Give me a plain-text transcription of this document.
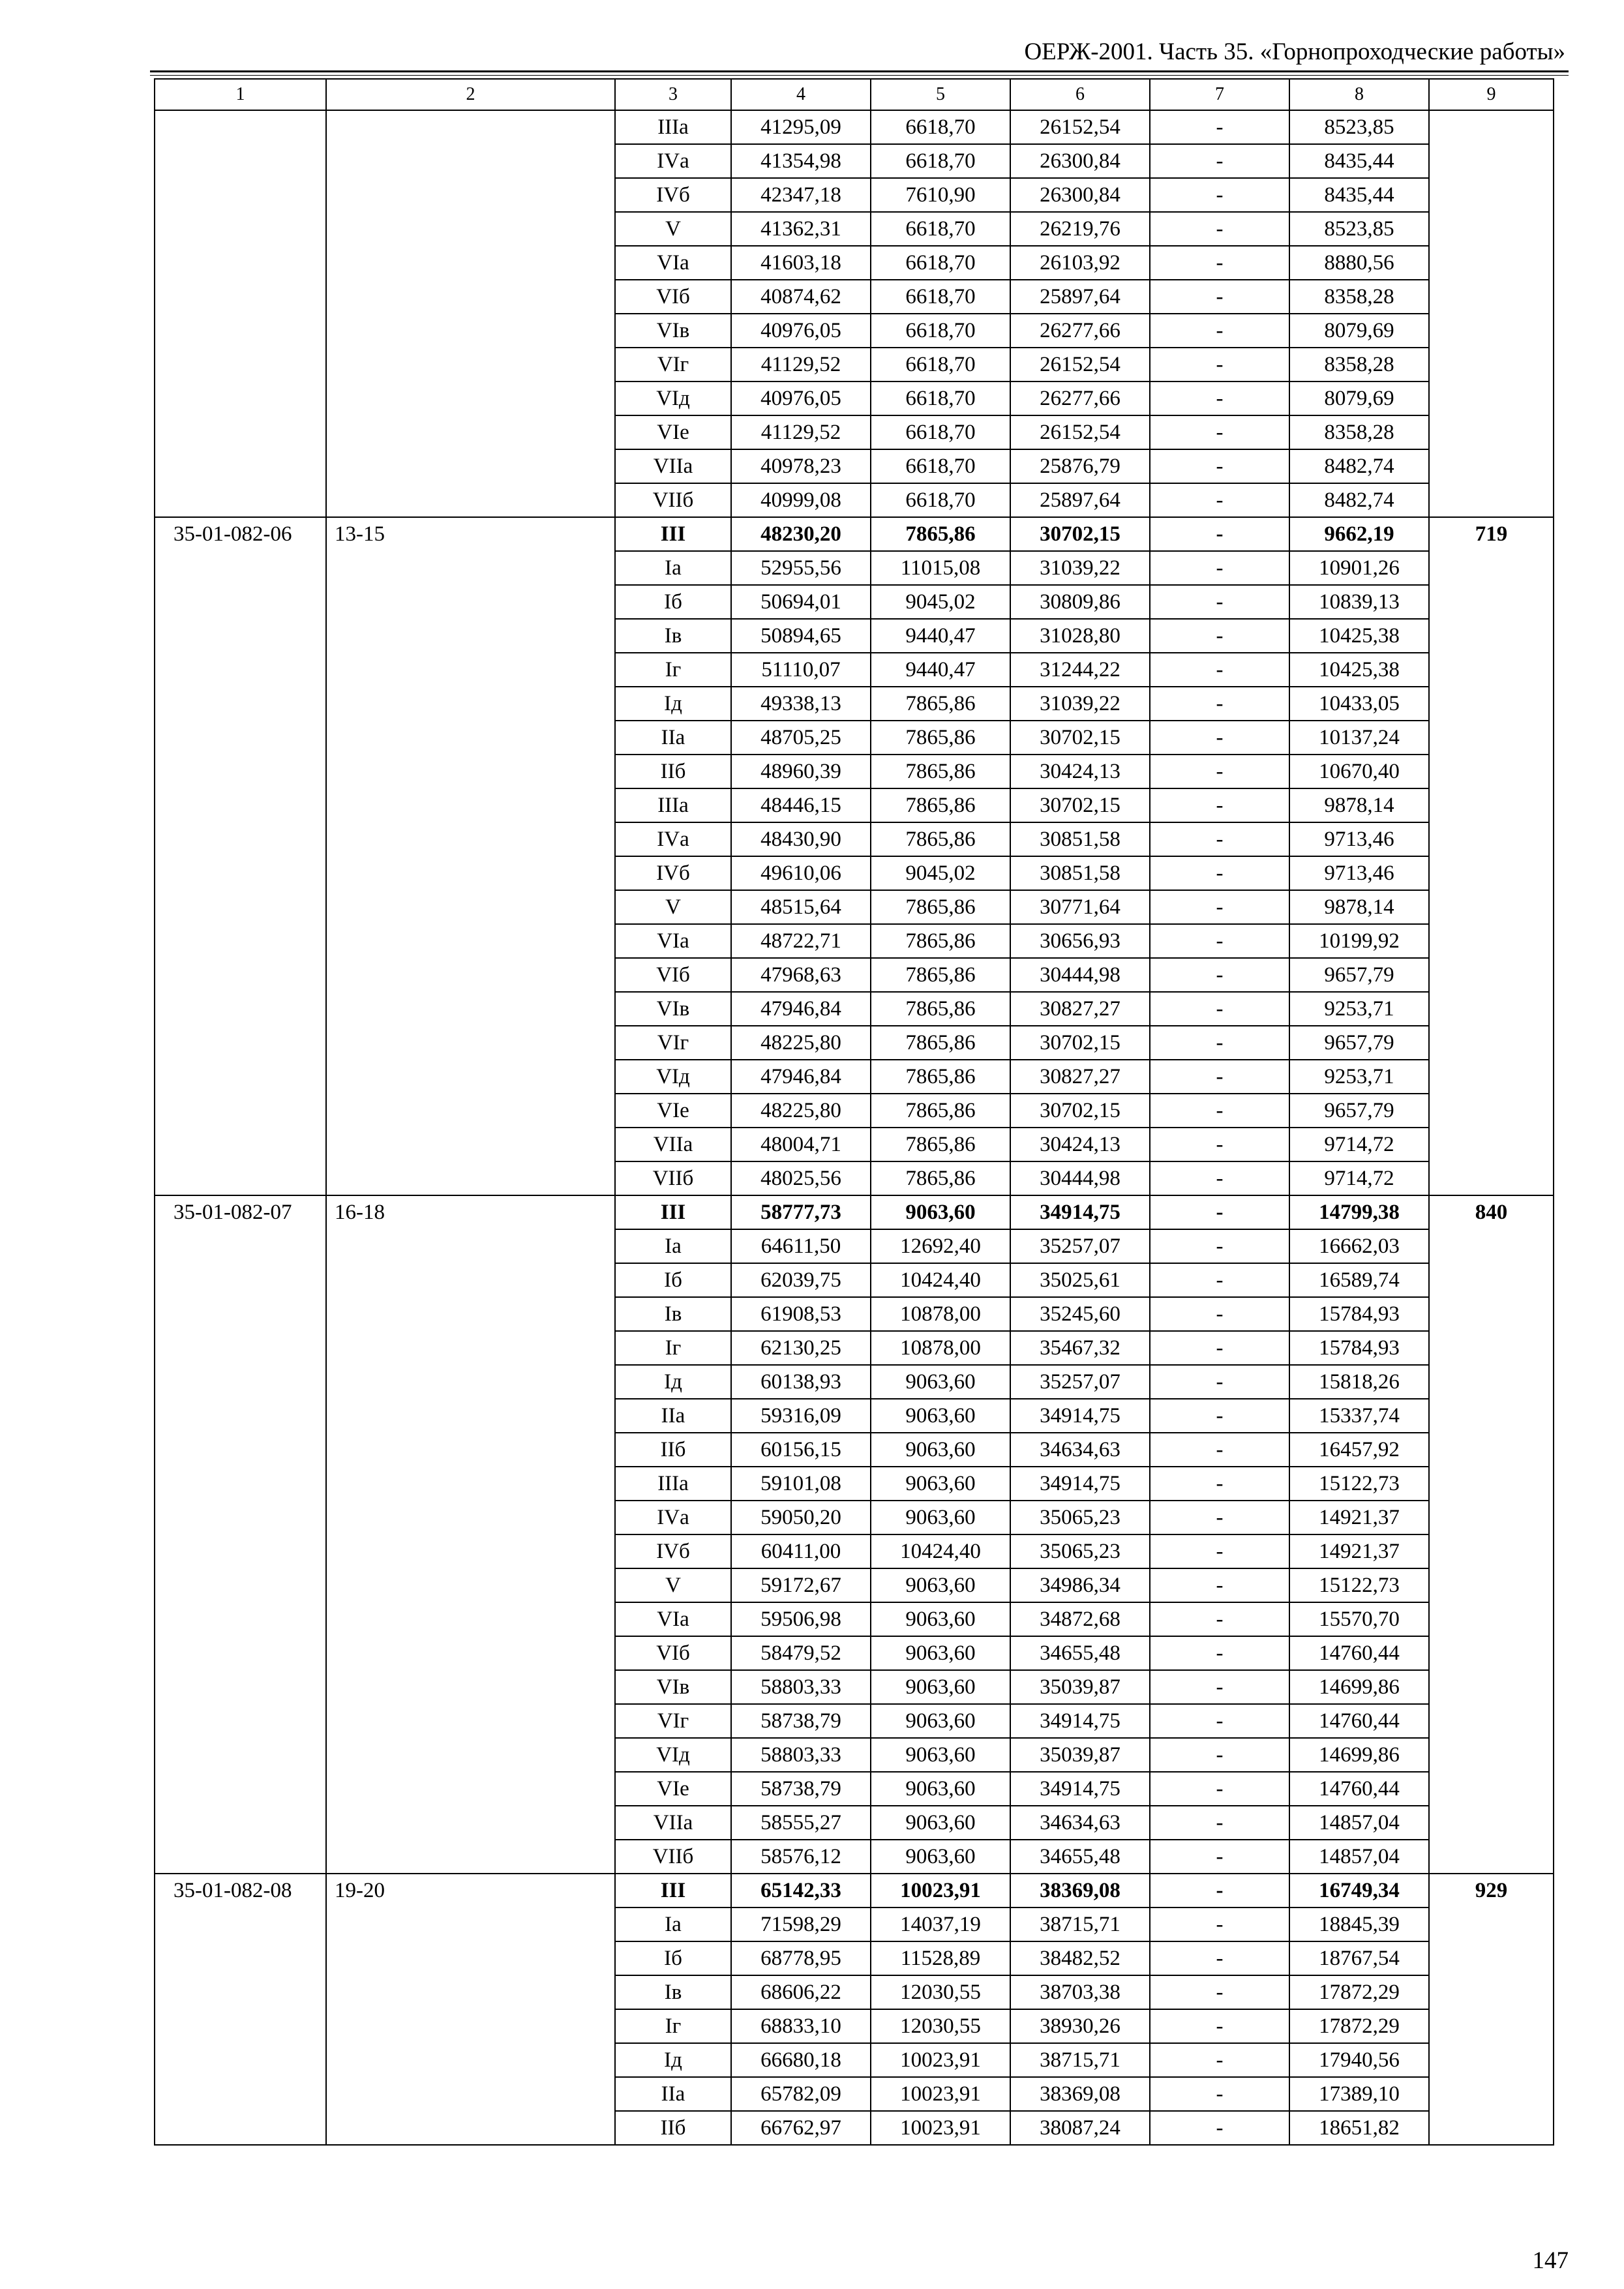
ОЕРЖ-2001. Часть 35. «Горнопроходческие работы»
1	2	3	4	5	6	7	8	9
		IIIа	41295,09	6618,70	26152,54	-	8523,85	
		IVа	41354,98	6618,70	26300,84	-	8435,44	
		IVб	42347,18	7610,90	26300,84	-	8435,44	
		V	41362,31	6618,70	26219,76	-	8523,85	
		VIа	41603,18	6618,70	26103,92	-	8880,56	
		VIб	40874,62	6618,70	25897,64	-	8358,28	
		VIв	40976,05	6618,70	26277,66	-	8079,69	
		VIг	41129,52	6618,70	26152,54	-	8358,28	
		VIд	40976,05	6618,70	26277,66	-	8079,69	
		VIе	41129,52	6618,70	26152,54	-	8358,28	
		VIIа	40978,23	6618,70	25876,79	-	8482,74	
		VIIб	40999,08	6618,70	25897,64	-	8482,74	
35-01-082-06	13-15	III	48230,20	7865,86	30702,15	-	9662,19	719
		Iа	52955,56	11015,08	31039,22	-	10901,26	
		Iб	50694,01	9045,02	30809,86	-	10839,13	
		Iв	50894,65	9440,47	31028,80	-	10425,38	
		Iг	51110,07	9440,47	31244,22	-	10425,38	
		Iд	49338,13	7865,86	31039,22	-	10433,05	
		IIа	48705,25	7865,86	30702,15	-	10137,24	
		IIб	48960,39	7865,86	30424,13	-	10670,40	
		IIIа	48446,15	7865,86	30702,15	-	9878,14	
		IVа	48430,90	7865,86	30851,58	-	9713,46	
		IVб	49610,06	9045,02	30851,58	-	9713,46	
		V	48515,64	7865,86	30771,64	-	9878,14	
		VIа	48722,71	7865,86	30656,93	-	10199,92	
		VIб	47968,63	7865,86	30444,98	-	9657,79	
		VIв	47946,84	7865,86	30827,27	-	9253,71	
		VIг	48225,80	7865,86	30702,15	-	9657,79	
		VIд	47946,84	7865,86	30827,27	-	9253,71	
		VIе	48225,80	7865,86	30702,15	-	9657,79	
		VIIа	48004,71	7865,86	30424,13	-	9714,72	
		VIIб	48025,56	7865,86	30444,98	-	9714,72	
35-01-082-07	16-18	III	58777,73	9063,60	34914,75	-	14799,38	840
		Iа	64611,50	12692,40	35257,07	-	16662,03	
		Iб	62039,75	10424,40	35025,61	-	16589,74	
		Iв	61908,53	10878,00	35245,60	-	15784,93	
		Iг	62130,25	10878,00	35467,32	-	15784,93	
		Iд	60138,93	9063,60	35257,07	-	15818,26	
		IIа	59316,09	9063,60	34914,75	-	15337,74	
		IIб	60156,15	9063,60	34634,63	-	16457,92	
		IIIа	59101,08	9063,60	34914,75	-	15122,73	
		IVа	59050,20	9063,60	35065,23	-	14921,37	
		IVб	60411,00	10424,40	35065,23	-	14921,37	
		V	59172,67	9063,60	34986,34	-	15122,73	
		VIа	59506,98	9063,60	34872,68	-	15570,70	
		VIб	58479,52	9063,60	34655,48	-	14760,44	
		VIв	58803,33	9063,60	35039,87	-	14699,86	
		VIг	58738,79	9063,60	34914,75	-	14760,44	
		VIд	58803,33	9063,60	35039,87	-	14699,86	
		VIе	58738,79	9063,60	34914,75	-	14760,44	
		VIIа	58555,27	9063,60	34634,63	-	14857,04	
		VIIб	58576,12	9063,60	34655,48	-	14857,04	
35-01-082-08	19-20	III	65142,33	10023,91	38369,08	-	16749,34	929
		Iа	71598,29	14037,19	38715,71	-	18845,39	
		Iб	68778,95	11528,89	38482,52	-	18767,54	
		Iв	68606,22	12030,55	38703,38	-	17872,29	
		Iг	68833,10	12030,55	38930,26	-	17872,29	
		Iд	66680,18	10023,91	38715,71	-	17940,56	
		IIа	65782,09	10023,91	38369,08	-	17389,10	
		IIб	66762,97	10023,91	38087,24	-	18651,82	
147
